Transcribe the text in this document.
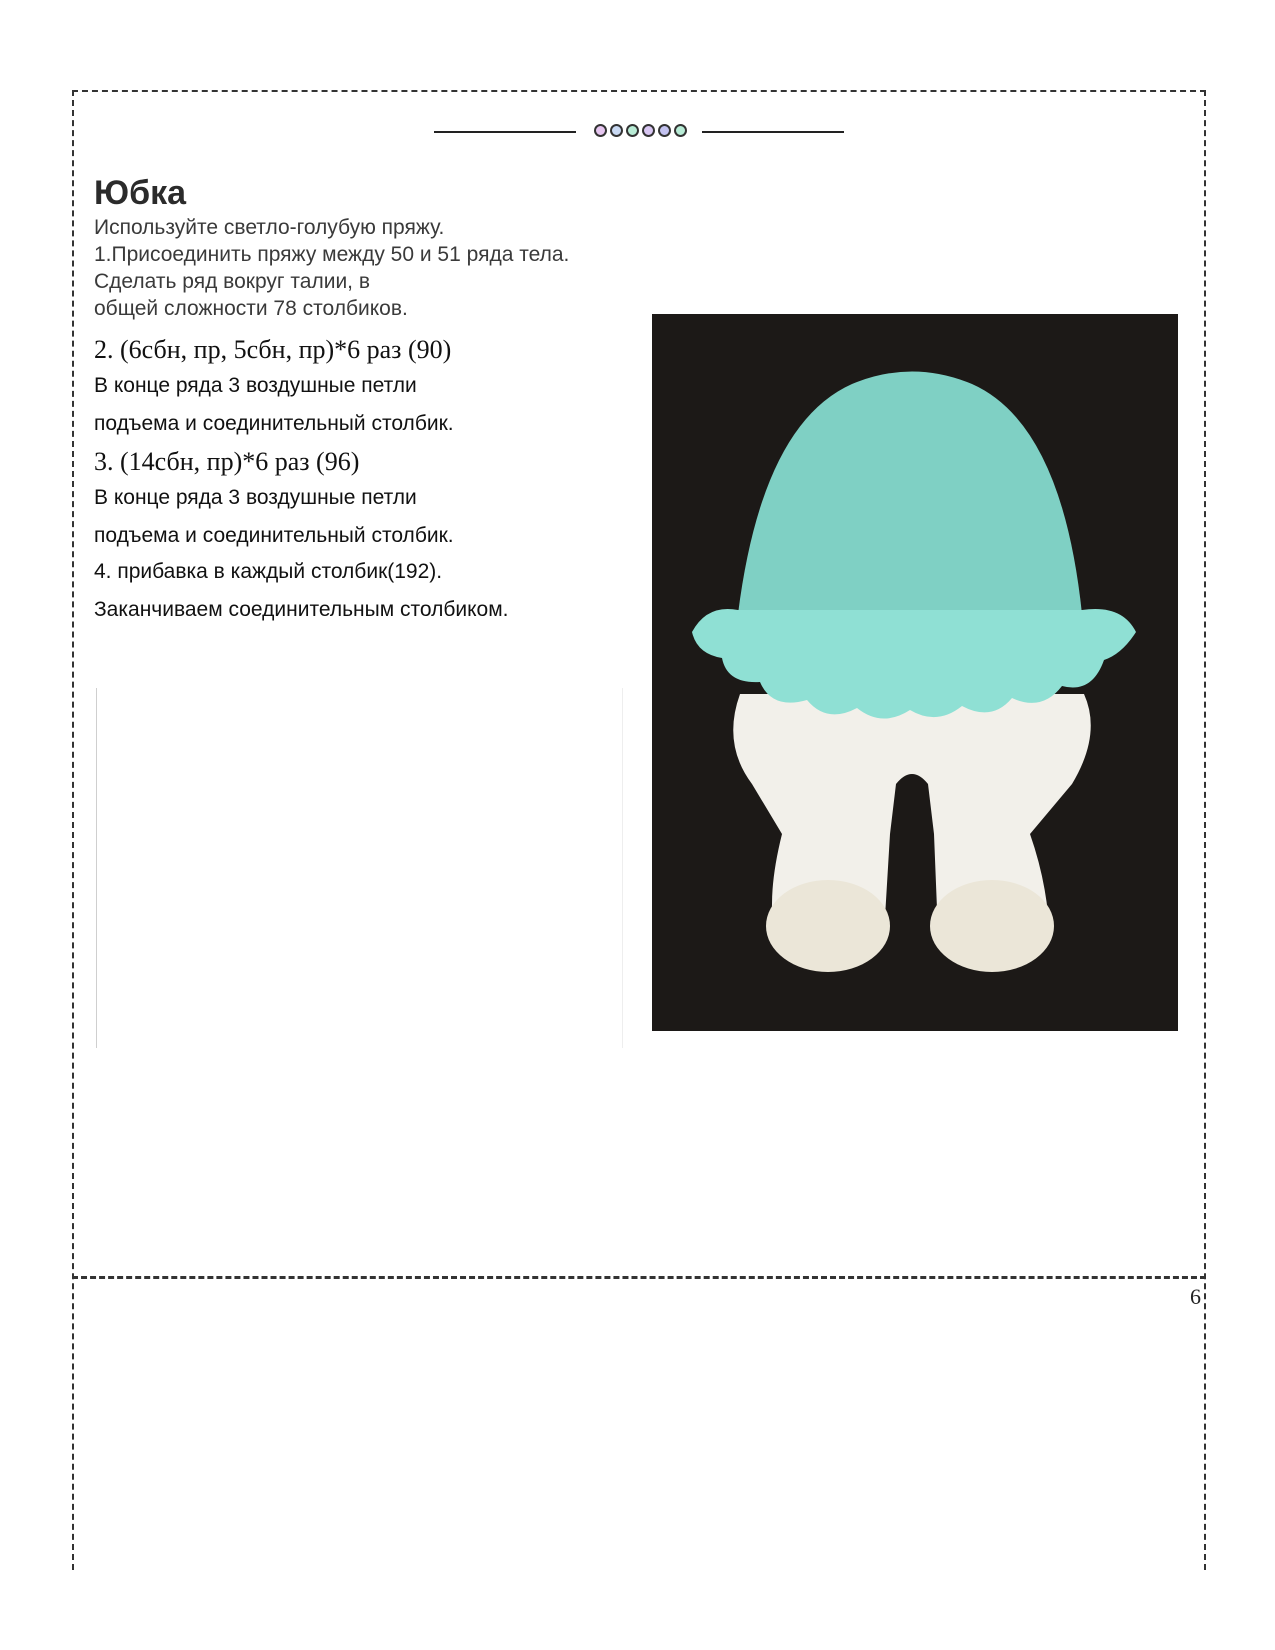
Юбка

Используйте светло-голубую пряжу.

1.Присоединить пряжу между 50 и 51 ряда тела.

Сделать ряд вокруг талии, в

общей сложности 78 столбиков.

2. (6сбн, пр, 5сбн, пр)*6 раз (90)

В конце ряда 3 воздушные петли

подъема и соединительный столбик.

3. (14сбн, пр)*6 раз (96)

В конце ряда 3 воздушные петли

подъема и соединительный столбик.

4. прибавка в каждый столбик(192).

Заканчиваем соединительным столбиком.

6
